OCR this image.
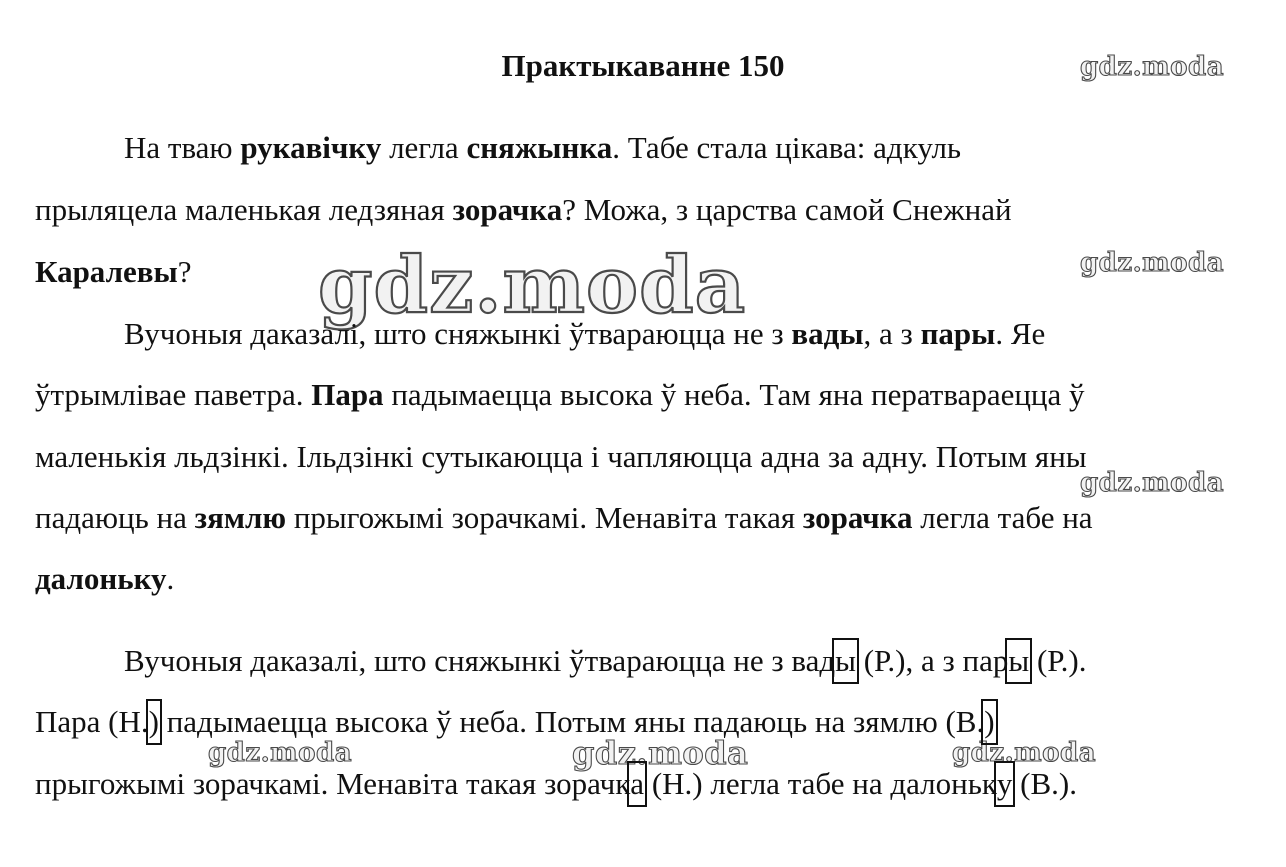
Практыкаванне 150	gdz.moda
gdz.moda
gdz.moda
gdz.moda
gdz.moda	gdz.moda	gdz.moda
На тваю рукавічку легла сняжынка. Табе стала цікава: адкуль
прыляцела маленькая ледзяная зорачка? Можа, з царства самой Снежнай
Каралевы?
Вучоныя даказалі, што сняжынкі ўтвараюцца не з вады, а з пары. Яе
ўтрымлівае паветра. Пара падымаецца высока ў неба. Там яна ператвараецца ў
маленькія льдзінкі. Ільдзінкі сутыкаюцца і чапляюцца адна за адну. Потым яны
падаюць на зямлю прыгожымі зорачкамі. Менавіта такая зорачка легла табе на
далоньку.
Вучоныя даказалі, што сняжынкі ўтвараюцца не з вады (Р.), а з пары (Р.).
Пара (Н.) падымаецца высока ў неба. Потым яны падаюць на зямлю (В.)
прыгожымі зорачкамі. Менавіта такая зорачка (Н.) легла табе на далоньку (В.).
